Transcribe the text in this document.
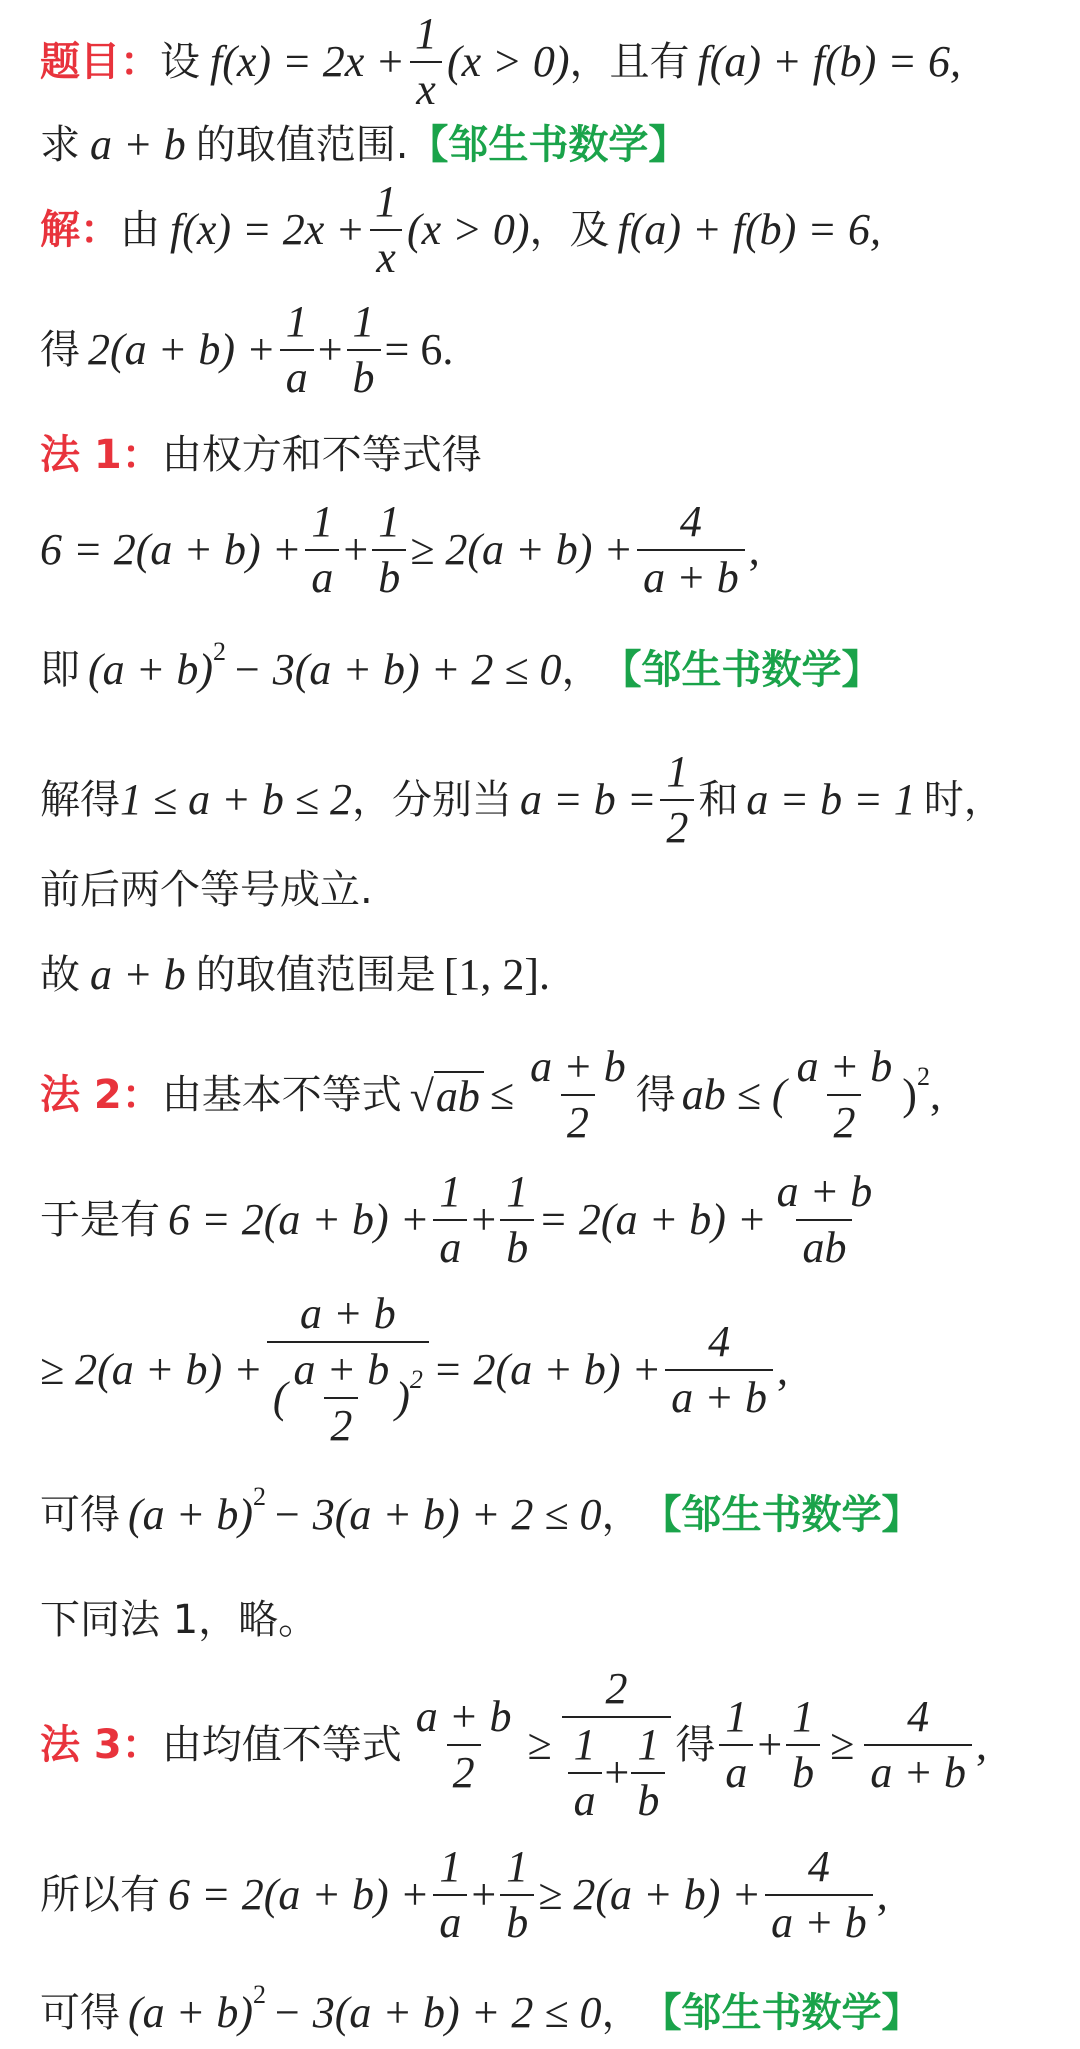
题目： 设 $f(x) = 2x + \frac{1}{x} (x > 0)$ ，且有 f(a) + f(b) = 6,
求 a + b 的取值范围. 【邹生书数学】
解： 由 $f(x) = 2x + \frac{1}{x} (x > 0)$ ，及 f(a) + f(b) = 6,
得 $2(a + b) + \frac{1}{a} + \frac{1}{b} = 6$.
法 1： 由权方和不等式得
$6 = 2(a + b) + \frac{1}{a} + \frac{1}{b} \ge 2(a + b) + \frac{4}{a + b}$ ,
即 (a + b) 2 − 3(a + b) + 2 ≤ 0 ， 【邹生书数学】
解得 1 ≤ a + b ≤ 2 ，分别当 $a = b = \frac{1}{2}$ 和 a = b = 1 时，
前后两个等号成立.
故 a + b 的取值范围是 [1, 2].
法 2： 由基本不等式 √ ab ≤ $\frac{a + b}{2}$ 得 ab ≤ ( $\frac{a + b}{2}$ ) 2 ,
于是有 $6 = 2(a + b) + \frac{1}{a} + \frac{1}{b} = 2(a + b) + \frac{a + b}{ab}$
≥ $2(a + b) + \frac{a + b}{( \frac{a + b}{2} ) 2} = 2(a + b) + \frac{4}{a + b}$ ,
可得 (a + b) 2 − 3(a + b) + 2 ≤ 0 ， 【邹生书数学】
下同法 1，略。
法 3： 由均值不等式 $\frac{a + b}{2} \ge \frac{2}{\frac{1}{a} + \frac{1}{b}}$ 得 $\frac{1}{a} + \frac{1}{b} \ge \frac{4}{a + b}$ ,
所以有 $6 = 2(a + b) + \frac{1}{a} + \frac{1}{b} \ge 2(a + b) + \frac{4}{a + b}$ ,
可得 (a + b) 2 − 3(a + b) + 2 ≤ 0 ， 【邹生书数学】
